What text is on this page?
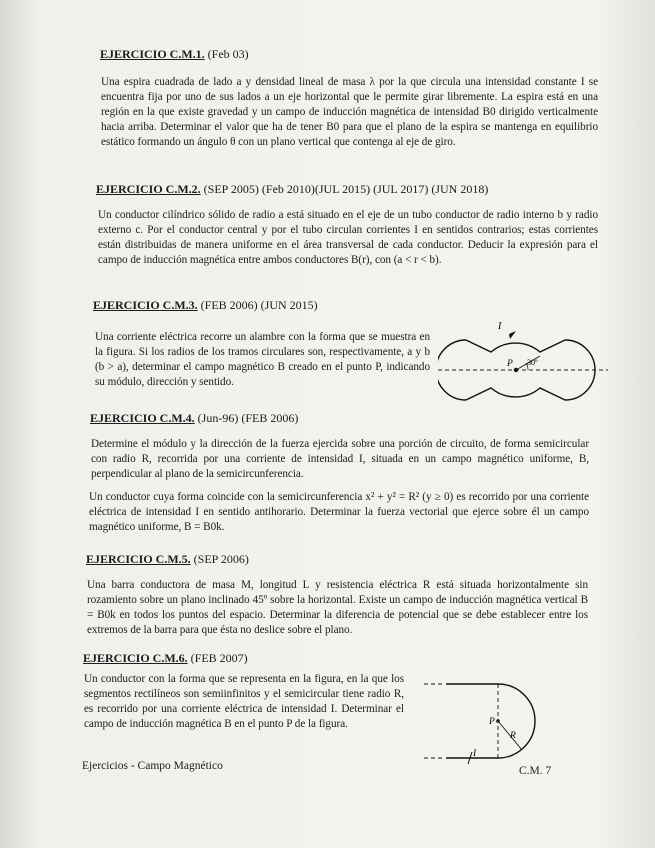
EJERCICIO C.M.1. (Feb 03)

Una espira cuadrada de lado a y densidad lineal de masa λ por la que circula una intensidad constante I se encuentra fija por uno de sus lados a un eje horizontal que le permite girar libremente. La espira está en una región en la que existe gravedad y un campo de inducción magnética de intensidad B0 dirigido verticalmente hacia arriba. Determinar el valor que ha de tener B0 para que el plano de la espira se mantenga en equilibrio estático formando un ángulo θ con un plano vertical que contenga al eje de giro.

EJERCICIO C.M.2. (SEP 2005) (Feb 2010)(JUL 2015) (JUL 2017) (JUN 2018)

Un conductor cilíndrico sólido de radio a está situado en el eje de un tubo conductor de radio interno b y radio externo c. Por el conductor central y por el tubo circulan corrientes I en sentidos contrarios; estas corrientes están distribuidas de manera uniforme en el área transversal de cada conductor. Deducir la expresión para el campo de inducción magnética entre ambos conductores B(r), con (a < r < b).

EJERCICIO C.M.3. (FEB 2006) (JUN 2015)

Una corriente eléctrica recorre un alambre con la forma que se muestra en la figura. Si los radios de los tramos circulares son, respectivamente, a y b (b > a), determinar el campo magnético B creado en el punto P, indicando su módulo, dirección y sentido.

I
P 30º
EJERCICIO C.M.4. (Jun-96) (FEB 2006)

Determine el módulo y la dirección de la fuerza ejercida sobre una porción de circuito, de forma semicircular con radio R, recorrida por una corriente de intensidad I, situada en un campo magnético uniforme, B, perpendicular al plano de la semicircunferencia.

Un conductor cuya forma coincide con la semicircunferencia x² + y² = R² (y ≥ 0) es recorrido por una corriente eléctrica de intensidad I en sentido antihorario. Determinar la fuerza vectorial que ejerce sobre él un campo magnético uniforme, B = B0k.

EJERCICIO C.M.5. (SEP 2006)

Una barra conductora de masa M, longitud L y resistencia eléctrica R está situada horizontalmente sin rozamiento sobre un plano inclinado 45º sobre la horizontal. Existe un campo de inducción magnética vertical B = B0k en todos los puntos del espacio. Determinar la diferencia de potencial que se debe establecer entre los extremos de la barra para que ésta no deslice sobre el plano.

EJERCICIO C.M.6. (FEB 2007)

Un conductor con la forma que se representa en la figura, en la que los segmentos rectilíneos son semiinfinitos y el semicircular tiene radio R, es recorrido por una corriente eléctrica de intensidad I. Determinar el campo de inducción magnética B en el punto P de la figura.	P
R
I
Ejercicios - Campo Magnético	C.M. 7
